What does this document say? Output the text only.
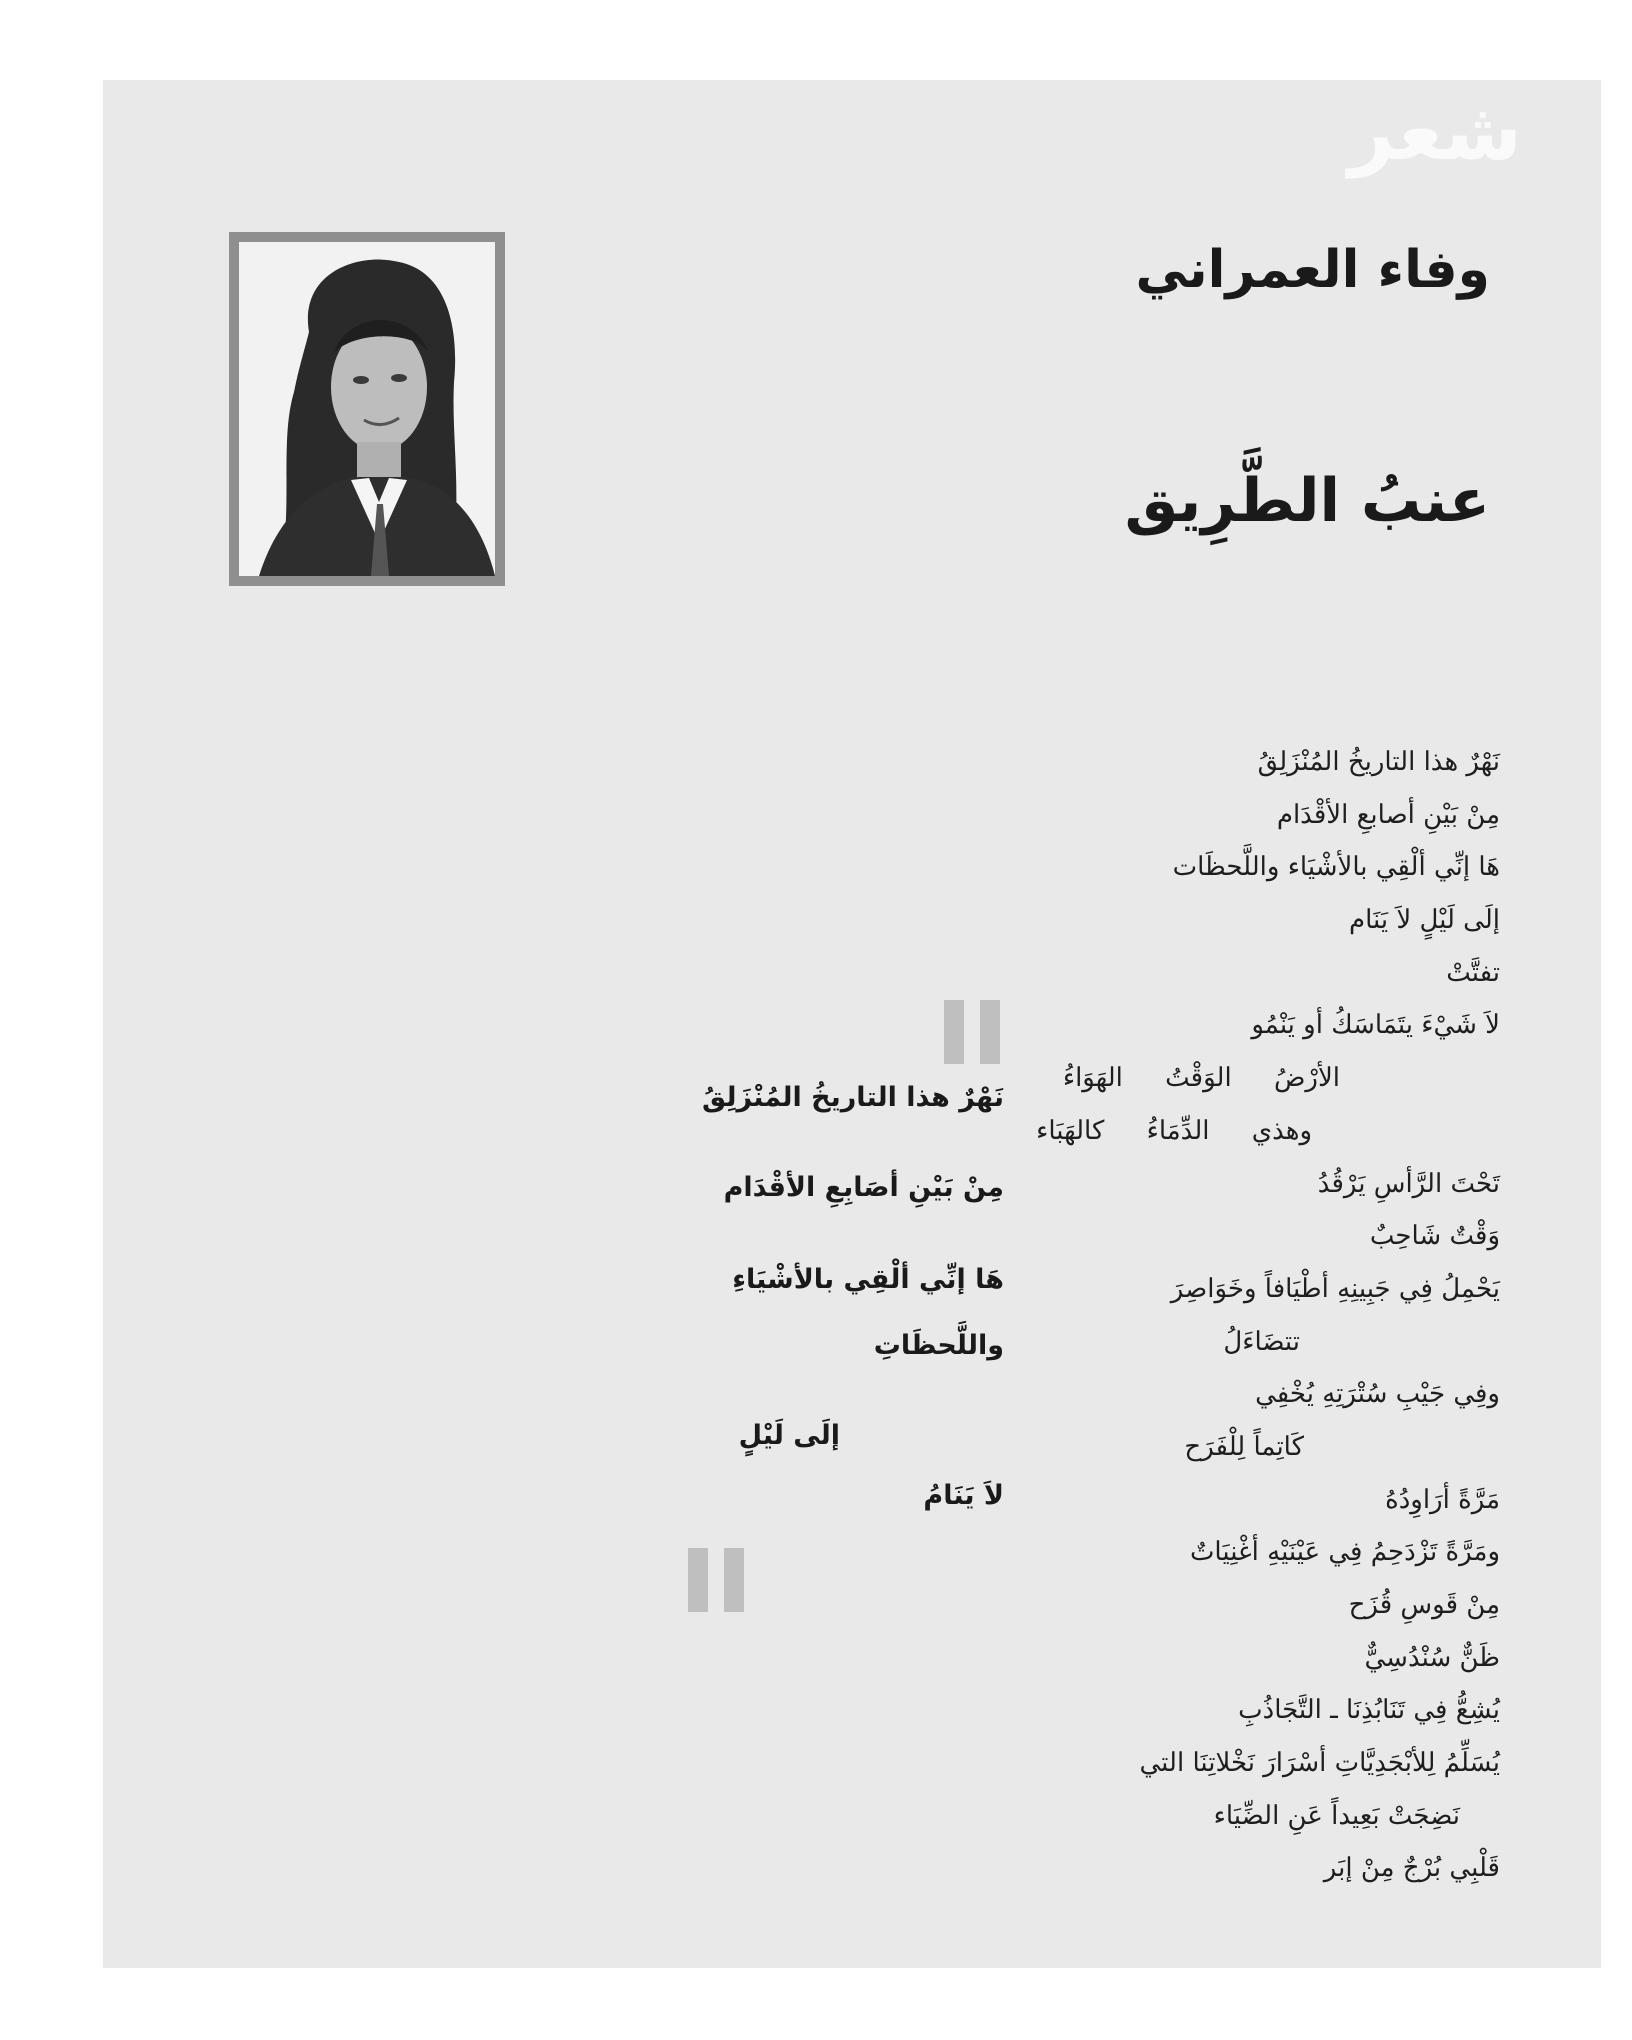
شعر
وفاء العمراني
عنبُ الطَّرِيق
نَهْرٌ هذا التاريخُ المُنْزَلِقُ
مِنْ بَيْنِ أصابعِ الأقْدَام
هَا إنِّي ألْقِي بالأشْيَاء واللَّحظَات
إلَى لَيْلٍ لاَ يَنَام
تفتَّتْ
لاَ شَيْءَ يتَمَاسَكُ أو يَنْمُو
الأرْضُ الوَقْتُ الهَوَاءُ
وهذي الدِّمَاءُ كالهَبَاء
تَحْتَ الرَّأسِ يَرْقُدُ
وَقْتٌ شَاحِبٌ
يَحْمِلُ فِي جَبِينِهِ أطْيَافاً وخَوَاصِرَ
تتضَاءَلُ
وفِي جَيْبِ سُتْرَتِهِ يُخْفِي
كَاتِماً لِلْفَرَح
مَرَّةً أرَاوِدُهُ
ومَرَّةً تَزْدَحِمُ فِي عَيْنَيْهِ أغْنِيَاتٌ
مِنْ قَوسِ قُزَح
ظَنٌّ سُنْدُسِيٌّ
يُشِعُّ فِي تَنَابُذِنَا ـ التَّجَاذُبِ
يُسَلِّمُ لِلأبْجَدِيَّاتِ أسْرَارَ نَخْلاتِنَا التي
نَضِجَتْ بَعِيداً عَنِ الضِّيَاء
قَلْبِي بُرْجٌ مِنْ إبَر
نَهْرٌ هذا التاريخُ المُنْزَلِقُ
مِنْ بَيْنِ أصَابِعِ الأقْدَام
هَا إنِّي ألْقِي بالأشْيَاءِ
واللَّحظَاتِ
إلَى لَيْلٍ
لاَ يَنَامُ
